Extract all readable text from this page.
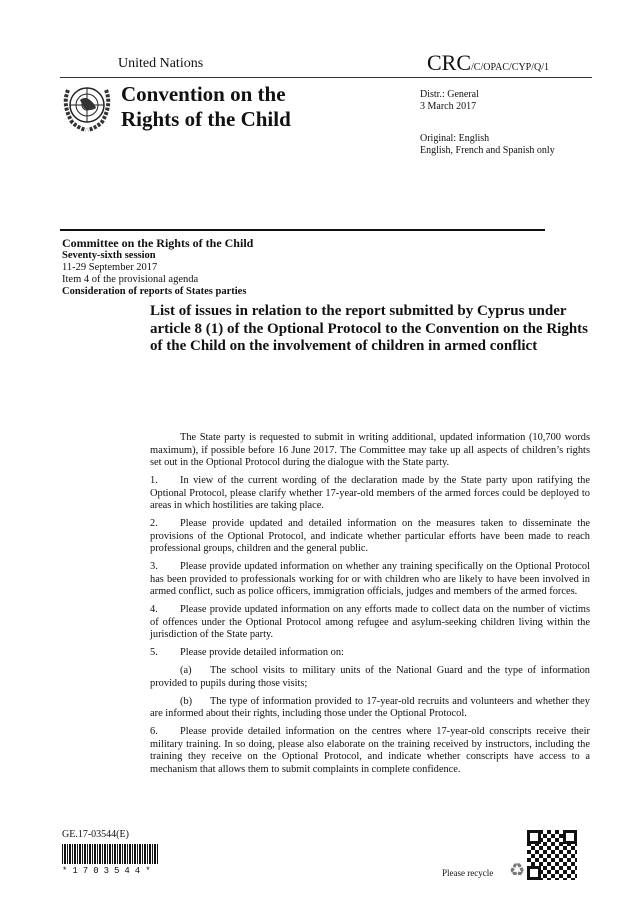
United Nations	CRC/C/OPAC/CYP/Q/1
Convention on the
Rights of the Child
Distr.: General
3 March 2017
Original: English
English, French and Spanish only
Committee on the Rights of the Child
Seventy-sixth session
11-29 September 2017
Item 4 of the provisional agenda
Consideration of reports of States parties
List of issues in relation to the report submitted by Cyprus under article 8 (1) of the Optional Protocol to the Convention on the Rights of the Child on the involvement of children in armed conflict

The State party is requested to submit in writing additional, updated information (10,700 words maximum), if possible before 16 June 2017. The Committee may take up all aspects of children’s rights set out in the Optional Protocol during the dialogue with the State party.

1. In view of the current wording of the declaration made by the State party upon ratifying the Optional Protocol, please clarify whether 17-year-old members of the armed forces could be deployed to areas in which hostilities are taking place.

2. Please provide updated and detailed information on the measures taken to disseminate the provisions of the Optional Protocol, and indicate whether particular efforts have been made to reach professional groups, children and the general public.

3. Please provide updated information on whether any training specifically on the Optional Protocol has been provided to professionals working for or with children who are likely to have been involved in armed conflict, such as police officers, immigration officials, judges and members of the armed forces.

4. Please provide updated information on any efforts made to collect data on the number of victims of offences under the Optional Protocol among refugee and asylum-seeking children living within the jurisdiction of the State party.

5. Please provide detailed information on:

(a) The school visits to military units of the National Guard and the type of information provided to pupils during those visits;

(b) The type of information provided to 17-year-old recruits and volunteers and whether they are informed about their rights, including those under the Optional Protocol.

6. Please provide detailed information on the centres where 17-year-old conscripts receive their military training. In so doing, please also elaborate on the training received by instructors, including the training they receive on the Optional Protocol, and indicate whether conscripts have access to a mechanism that allows them to submit complaints in complete confidence.

GE.17-03544(E)
*1703544*	Please recycle ♻
